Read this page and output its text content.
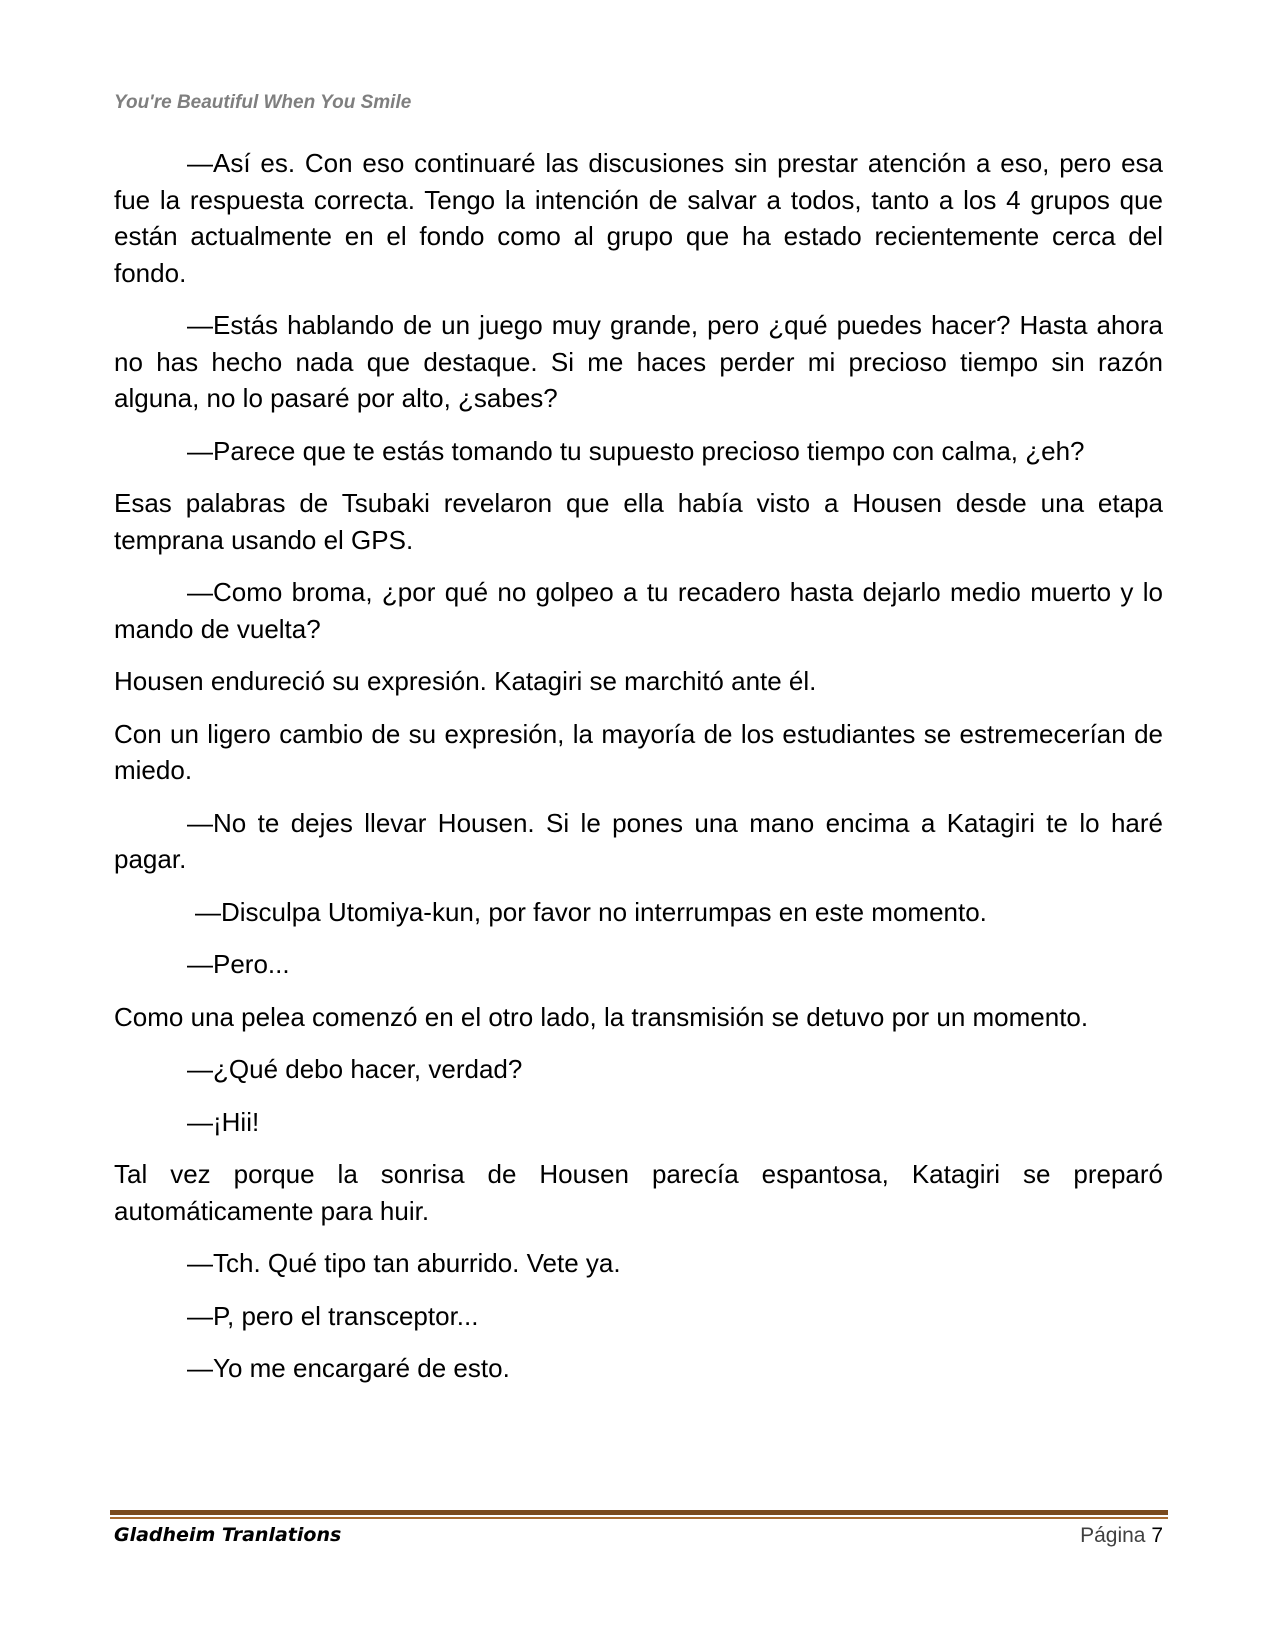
You're Beautiful When You Smile

—Así es. Con eso continuaré las discusiones sin prestar atención a eso, pero esa fue la respuesta correcta. Tengo la intención de salvar a todos, tanto a los 4 grupos que están actualmente en el fondo como al grupo que ha estado recientemente cerca del fondo.

—Estás hablando de un juego muy grande, pero ¿qué puedes hacer? Hasta ahora no has hecho nada que destaque. Si me haces perder mi precioso tiempo sin razón alguna, no lo pasaré por alto, ¿sabes?

—Parece que te estás tomando tu supuesto precioso tiempo con calma, ¿eh?

Esas palabras de Tsubaki revelaron que ella había visto a Housen desde una etapa temprana usando el GPS.

—Como broma, ¿por qué no golpeo a tu recadero hasta dejarlo medio muerto y lo mando de vuelta?

Housen endureció su expresión. Katagiri se marchitó ante él.

Con un ligero cambio de su expresión, la mayoría de los estudiantes se estremecerían de miedo.

—No te dejes llevar Housen. Si le pones una mano encima a Katagiri te lo haré pagar.

—Disculpa Utomiya-kun, por favor no interrumpas en este momento.

—Pero...

Como una pelea comenzó en el otro lado, la transmisión se detuvo por un momento.

—¿Qué debo hacer, verdad?

—¡Hii!

Tal vez porque la sonrisa de Housen parecía espantosa, Katagiri se preparó automáticamente para huir.

—Tch. Qué tipo tan aburrido. Vete ya.

—P, pero el transceptor...

—Yo me encargaré de esto.

Gladheim Tranlations	Página 7
